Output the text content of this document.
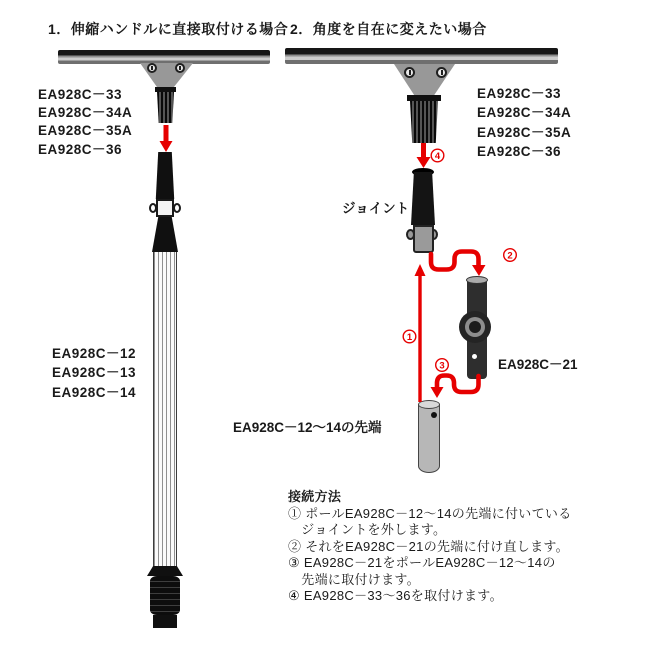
1．伸縮ハンドルに直接取付ける場合 2．角度を自在に変えたい場合
EA928C－33
EA928C－34A
EA928C－35A
EA928C－36
EA928C－12
EA928C－13
EA928C－14
EA928C－33
EA928C－34A
EA928C－35A
EA928C－36
ジョイント
EA928C－21
EA928C－12～14の先端
1
2
3
4
接続方法
① ポールEA928C－12～14の先端に付いている
　ジョイントを外します。
② それをEA928C－21の先端に付け直します。
③ EA928C－21をポールEA928C－12～14の
　先端に取付けます。
④ EA928C－33～36を取付けます。
